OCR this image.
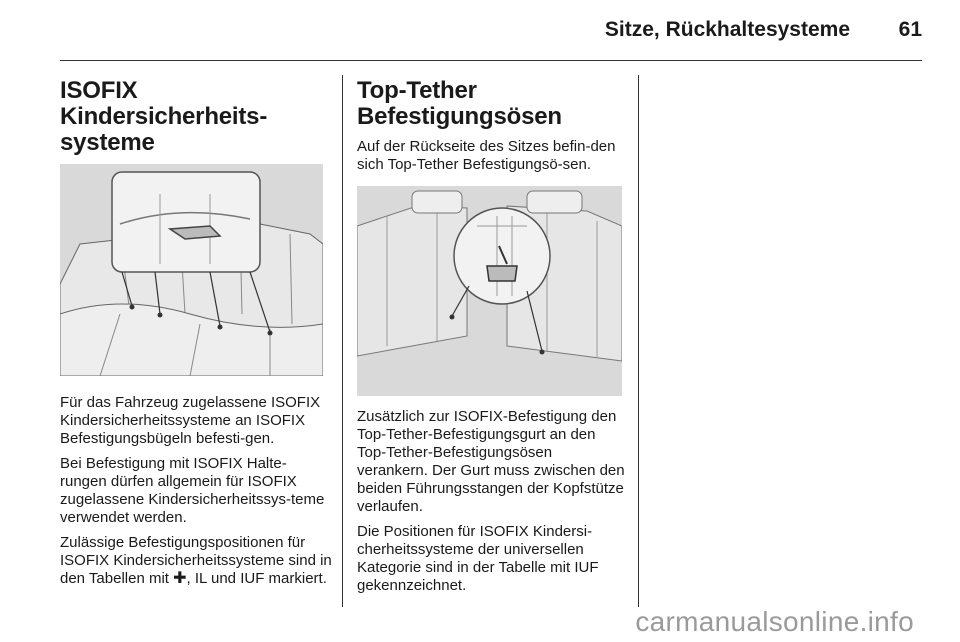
Sitze, Rückhaltesysteme 61
ISOFIX Kindersicherheits-systeme

Für das Fahrzeug zugelassene ISOFIX Kindersicherheitssysteme an ISOFIX Befestigungsbügeln befesti-gen.

Bei Befestigung mit ISOFIX Halte-rungen dürfen allgemein für ISOFIX zugelassene Kindersicherheitssys-teme verwendet werden.

Zulässige Befestigungspositionen für ISOFIX Kindersicherheitssysteme sind in den Tabellen mit ✚, IL und IUF markiert.

Top-Tether Befestigungsösen

Auf der Rückseite des Sitzes befin-den sich Top-Tether Befestigungsö-sen.

Zusätzlich zur ISOFIX-Befestigung den Top-Tether-Befestigungsgurt an den Top-Tether-Befestigungsösen verankern. Der Gurt muss zwischen den beiden Führungsstangen der Kopfstütze verlaufen.

Die Positionen für ISOFIX Kindersi-cherheitssysteme der universellen Kategorie sind in der Tabelle mit IUF gekennzeichnet.

carmanualsonline.info
